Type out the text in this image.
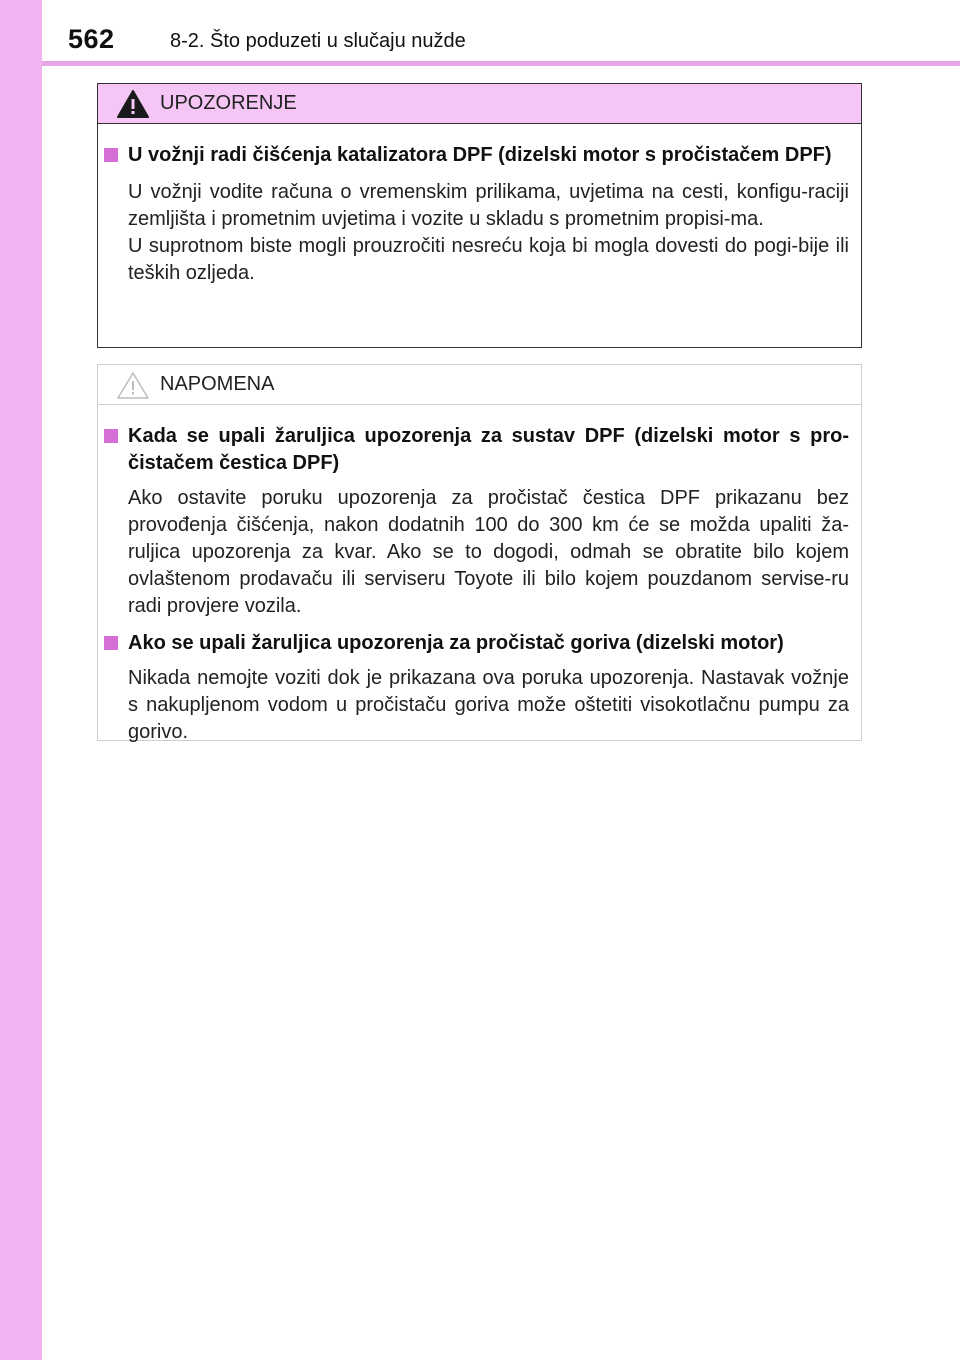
562	8-2. Što poduzeti u slučaju nužde
UPOZORENJE
U vožnji radi čišćenja katalizatora DPF (dizelski motor s pročistačem DPF)
U vožnji vodite računa o vremenskim prilikama, uvjetima na cesti, konfigu-raciji zemljišta i prometnim uvjetima i vozite u skladu s prometnim propisi-ma.
U suprotnom biste mogli prouzročiti nesreću koja bi mogla dovesti do pogi-bije ili teških ozljeda.
NAPOMENA
Kada se upali žaruljica upozorenja za sustav DPF (dizelski motor s pro-čistačem čestica DPF)
Ako ostavite poruku upozorenja za pročistač čestica DPF prikazanu bez provođenja čišćenja, nakon dodatnih 100 do 300 km će se možda upaliti ža-ruljica upozorenja za kvar. Ako se to dogodi, odmah se obratite bilo kojem ovlaštenom prodavaču ili serviseru Toyote ili bilo kojem pouzdanom servise-ru radi provjere vozila.
Ako se upali žaruljica upozorenja za pročistač goriva (dizelski motor)
Nikada nemojte voziti dok je prikazana ova poruka upozorenja. Nastavak vožnje s nakupljenom vodom u pročistaču goriva može oštetiti visokotlačnu pumpu za gorivo.
